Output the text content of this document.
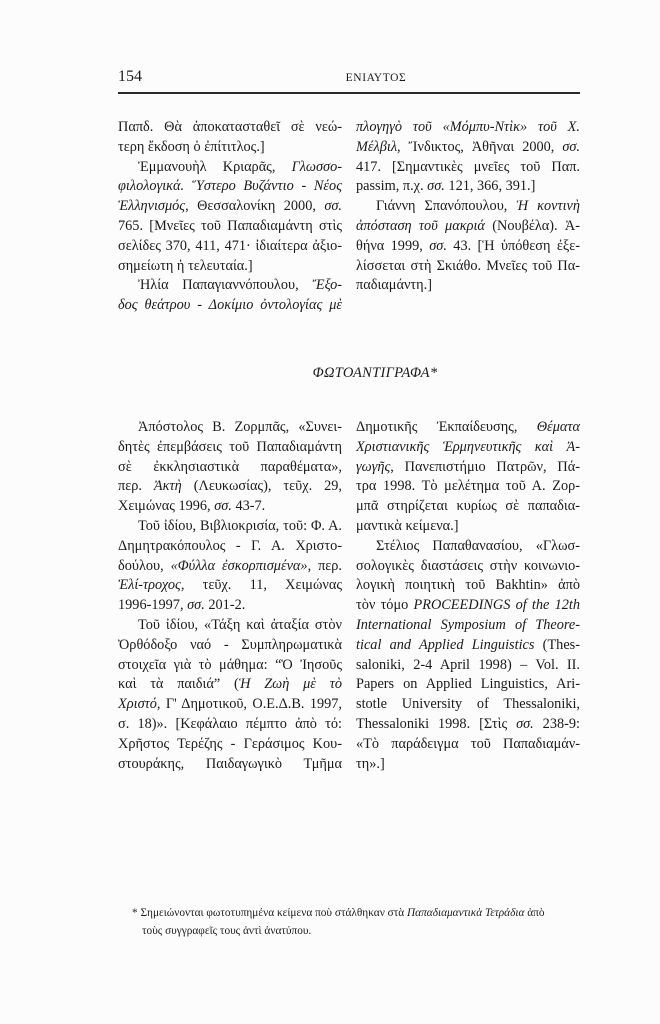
154	ΕΝΙΑΥΤΟΣ
Παπδ. Θὰ ἀποκατασταθεῖ σὲ νεώ-
τερη ἔκδοση ὁ ἐπίτιτλος.]
Ἐμμανουὴλ Κριαρᾶς, Γλωσσο-
φιλολογικά. Ὕστερο Βυζάντιο - Νέος
Ἑλληνισμός, Θεσσαλονίκη 2000, σσ.
765. [Μνεῖες τοῦ Παπαδιαμάντη στὶς
σελίδες 370, 411, 471· ἰδιαίτερα ἀξιο-
σημείωτη ἡ τελευταία.]
Ἠλία Παπαγιαννόπουλου, Ἔξο-
δος θεάτρου - Δοκίμιο ὀντολογίας μὲ
πλογηγὸ τοῦ «Μόμπυ-Ντὶκ» τοῦ Χ.
Μέλβιλ, Ἴνδικτος, Ἀθῆναι 2000, σσ.
417. [Σημαντικὲς μνεῖες τοῦ Παπ.
passim, π.χ. σσ. 121, 366, 391.]
Γιάννη Σπανόπουλου, Ἡ κοντινὴ
ἀπόσταση τοῦ μακριά (Νουβέλα). Ἀ-
θήνα 1999, σσ. 43. [Ἡ ὑπόθεση ἐξε-
λίσσεται στὴ Σκιάθο. Μνεῖες τοῦ Πα-
παδιαμάντη.]
ΦΩΤΟΑΝΤΙΓΡΑΦΑ*
Ἀπόστολος Β. Ζορμπᾶς, «Συνει-
δητὲς ἐπεμβάσεις τοῦ Παπαδιαμάντη
σὲ ἐκκλησιαστικὰ παραθέματα»,
περ. Ἀκτὴ (Λευκωσίας), τεῦχ. 29,
Χειμώνας 1996, σσ. 43-7.
Τοῦ ἰδίου, Βιβλιοκρισία, τοῦ: Φ. Α.
Δημητρακόπουλος - Γ. Α. Χριστο-
δούλου, «Φύλλα ἐσκορπισμένα», περ.
Ἐλί-τροχος, τεῦχ. 11, Χειμώνας
1996-1997, σσ. 201-2.
Τοῦ ἰδίου, «Τάξη καὶ ἀταξία στὸν
Ὀρθόδοξο ναό - Συμπληρωματικὰ
στοιχεῖα γιὰ τὸ μάθημα: “Ὁ Ἰησοῦς
καὶ τὰ παιδιά” (Ἡ Ζωὴ μὲ τὸ
Χριστό, Γ' Δημοτικοῦ, Ο.Ε.Δ.Β. 1997,
σ. 18)». [Κεφάλαιο πέμπτο ἀπὸ τό:
Χρῆστος Τερέζης - Γεράσιμος Κου-
στουράκης, Παιδαγωγικὸ Τμῆμα
Δημοτικῆς Ἐκπαίδευσης, Θέματα
Χριστιανικῆς Ἑρμηνευτικῆς καὶ Ἀ-
γωγῆς, Πανεπιστήμιο Πατρῶν, Πά-
τρα 1998. Τὸ μελέτημα τοῦ Α. Ζορ-
μπᾶ στηρίζεται κυρίως σὲ παπαδια-
μαντικὰ κείμενα.]
Στέλιος Παπαθανασίου, «Γλωσ-
σολογικὲς διαστάσεις στὴν κοινωνιο-
λογικὴ ποιητικὴ τοῦ Bakhtin» ἀπὸ
τὸν τόμο PROCEEDINGS of the 12th
International Symposium of Theore-
tical and Applied Linguistics (Thes-
saloniki, 2-4 April 1998) – Vol. II.
Papers on Applied Linguistics, Ari-
stotle University of Thessaloniki,
Thessaloniki 1998. [Στὶς σσ. 238-9:
«Τὸ παράδειγμα τοῦ Παπαδιαμάν-
τη».]
* Σημειώνονται φωτοτυπημένα κείμενα ποὺ στάλθηκαν στὰ Παπαδιαμαντικὰ Τετράδια ἀπὸ
τοὺς συγγραφεῖς τους ἀντὶ ἀνατύπου.
